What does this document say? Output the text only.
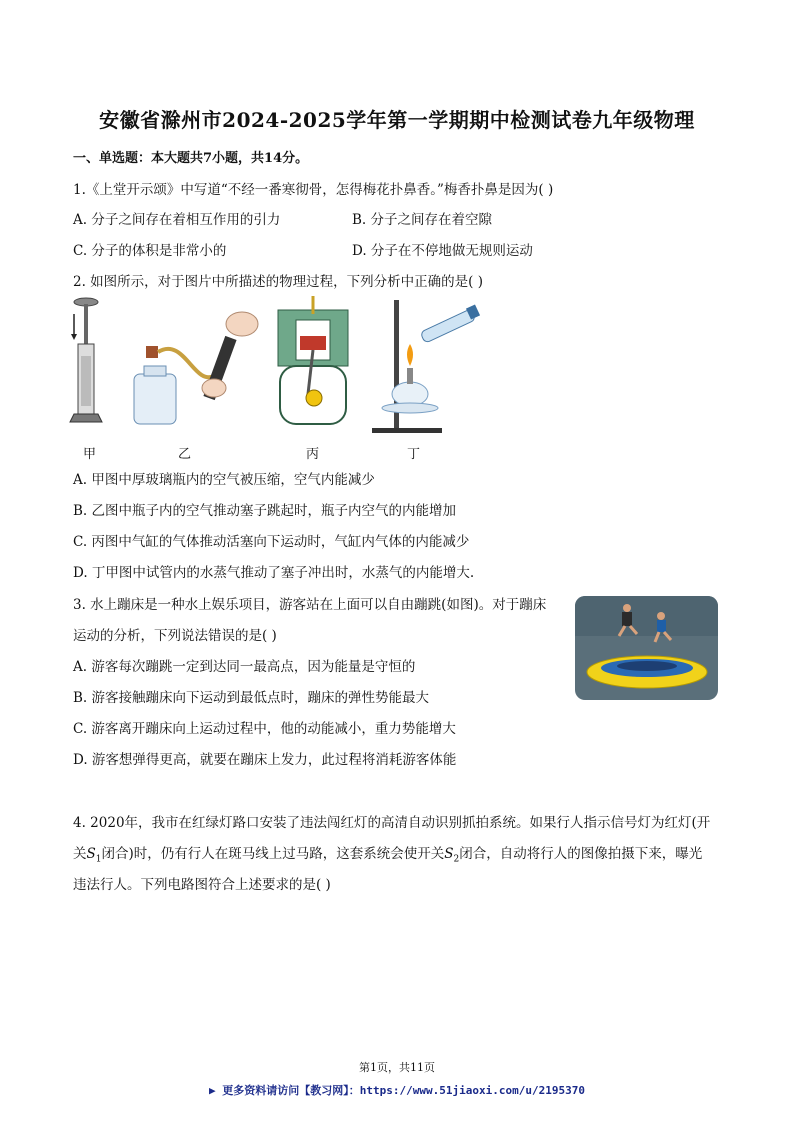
安徽省滁州市2024-2025学年第一学期期中检测试卷九年级物理
一、单选题：本大题共7小题，共14分。
1.《上堂开示颂》中写道“不经一番寒彻骨，怎得梅花扑鼻香。”梅香扑鼻是因为( )
A. 分子之间存在着相互作用的引力	B. 分子之间存在着空隙
C. 分子的体积是非常小的	D. 分子在不停地做无规则运动
2. 如图所示，对于图片中所描述的物理过程，下列分析中正确的是( )
甲	乙	丙	丁
A. 甲图中厚玻璃瓶内的空气被压缩，空气内能减少
B. 乙图中瓶子内的空气推动塞子跳起时，瓶子内空气的内能增加
C. 丙图中气缸的气体推动活塞向下运动时，气缸内气体的内能减少
D. 丁甲图中试管内的水蒸气推动了塞子冲出时，水蒸气的内能增大.
3. 水上蹦床是一种水上娱乐项目，游客站在上面可以自由蹦跳(如图)。对于蹦床
运动的分析，下列说法错误的是( )
A. 游客每次蹦跳一定到达同一最高点，因为能量是守恒的
B. 游客接触蹦床向下运动到最低点时，蹦床的弹性势能最大
C. 游客离开蹦床向上运动过程中，他的动能减小，重力势能增大
D. 游客想弹得更高，就要在蹦床上发力，此过程将消耗游客体能
4. 2020年，我市在红绿灯路口安装了违法闯红灯的高清自动识别抓拍系统。如果行人指示信号灯为红灯(开
关$S_1$闭合)时，仍有行人在斑马线上过马路，这套系统会使开关$S_2$闭合，自动将行人的图像拍摄下来，曝光
违法行人。下列电路图符合上述要求的是( )
第1页，共11页
▶ 更多资料请访问【教习网】：https://www.51jiaoxi.com/u/2195370
